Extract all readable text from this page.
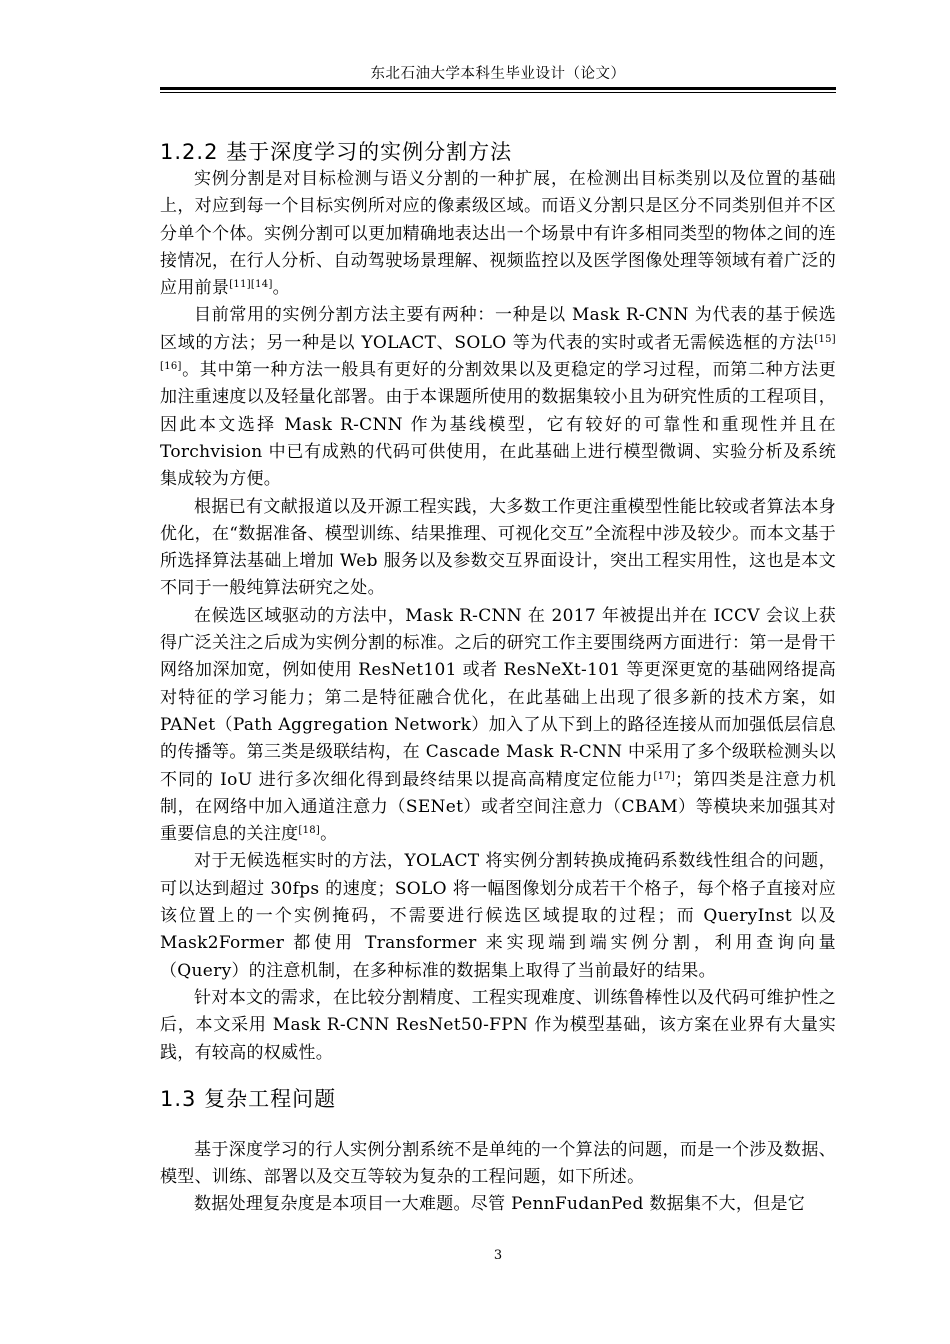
东北石油大学本科生毕业设计（论文）
1.2.2 基于深度学习的实例分割方法

实例分割是对目标检测与语义分割的一种扩展，在检测出目标类别以及位置的基础上，对应到每一个目标实例所对应的像素级区域。而语义分割只是区分不同类别但并不区分单个个体。实例分割可以更加精确地表达出一个场景中有许多相同类型的物体之间的连接情况，在行人分析、自动驾驶场景理解、视频监控以及医学图像处理等领域有着广泛的应用前景[11][14]。

目前常用的实例分割方法主要有两种：一种是以 Mask R-CNN 为代表的基于候选区域的方法；另一种是以 YOLACT、SOLO 等为代表的实时或者无需候选框的方法[15][16]。其中第一种方法一般具有更好的分割效果以及更稳定的学习过程，而第二种方法更加注重速度以及轻量化部署。由于本课题所使用的数据集较小且为研究性质的工程项目，因此本文选择 Mask R-CNN 作为基线模型，它有较好的可靠性和重现性并且在 Torchvision 中已有成熟的代码可供使用，在此基础上进行模型微调、实验分析及系统集成较为方便。

根据已有文献报道以及开源工程实践，大多数工作更注重模型性能比较或者算法本身优化，在“数据准备、模型训练、结果推理、可视化交互”全流程中涉及较少。而本文基于所选择算法基础上增加 Web 服务以及参数交互界面设计，突出工程实用性，这也是本文不同于一般纯算法研究之处。

在候选区域驱动的方法中，Mask R-CNN 在 2017 年被提出并在 ICCV 会议上获得广泛关注之后成为实例分割的标准。之后的研究工作主要围绕两方面进行：第一是骨干网络加深加宽，例如使用 ResNet101 或者 ResNeXt-101 等更深更宽的基础网络提高对特征的学习能力；第二是特征融合优化，在此基础上出现了很多新的技术方案，如 PANet（Path Aggregation Network）加入了从下到上的路径连接从而加强低层信息的传播等。第三类是级联结构，在 Cascade Mask R-CNN 中采用了多个级联检测头以不同的 IoU 进行多次细化得到最终结果以提高高精度定位能力[17]；第四类是注意力机制，在网络中加入通道注意力（SENet）或者空间注意力（CBAM）等模块来加强其对重要信息的关注度[18]。

对于无候选框实时的方法，YOLACT 将实例分割转换成掩码系数线性组合的问题，可以达到超过 30fps 的速度；SOLO 将一幅图像划分成若干个格子，每个格子直接对应该位置上的一个实例掩码，不需要进行候选区域提取的过程；而 QueryInst 以及 Mask2Former 都使用 Transformer 来实现端到端实例分割，利用查询向量（Query）的注意机制，在多种标准的数据集上取得了当前最好的结果。

针对本文的需求，在比较分割精度、工程实现难度、训练鲁棒性以及代码可维护性之后，本文采用 Mask R-CNN ResNet50-FPN 作为模型基础，该方案在业界有大量实践，有较高的权威性。

1.3 复杂工程问题

基于深度学习的行人实例分割系统不是单纯的一个算法的问题，而是一个涉及数据、模型、训练、部署以及交互等较为复杂的工程问题，如下所述。

数据处理复杂度是本项目一大难题。尽管 PennFudanPed 数据集不大，但是它

3
